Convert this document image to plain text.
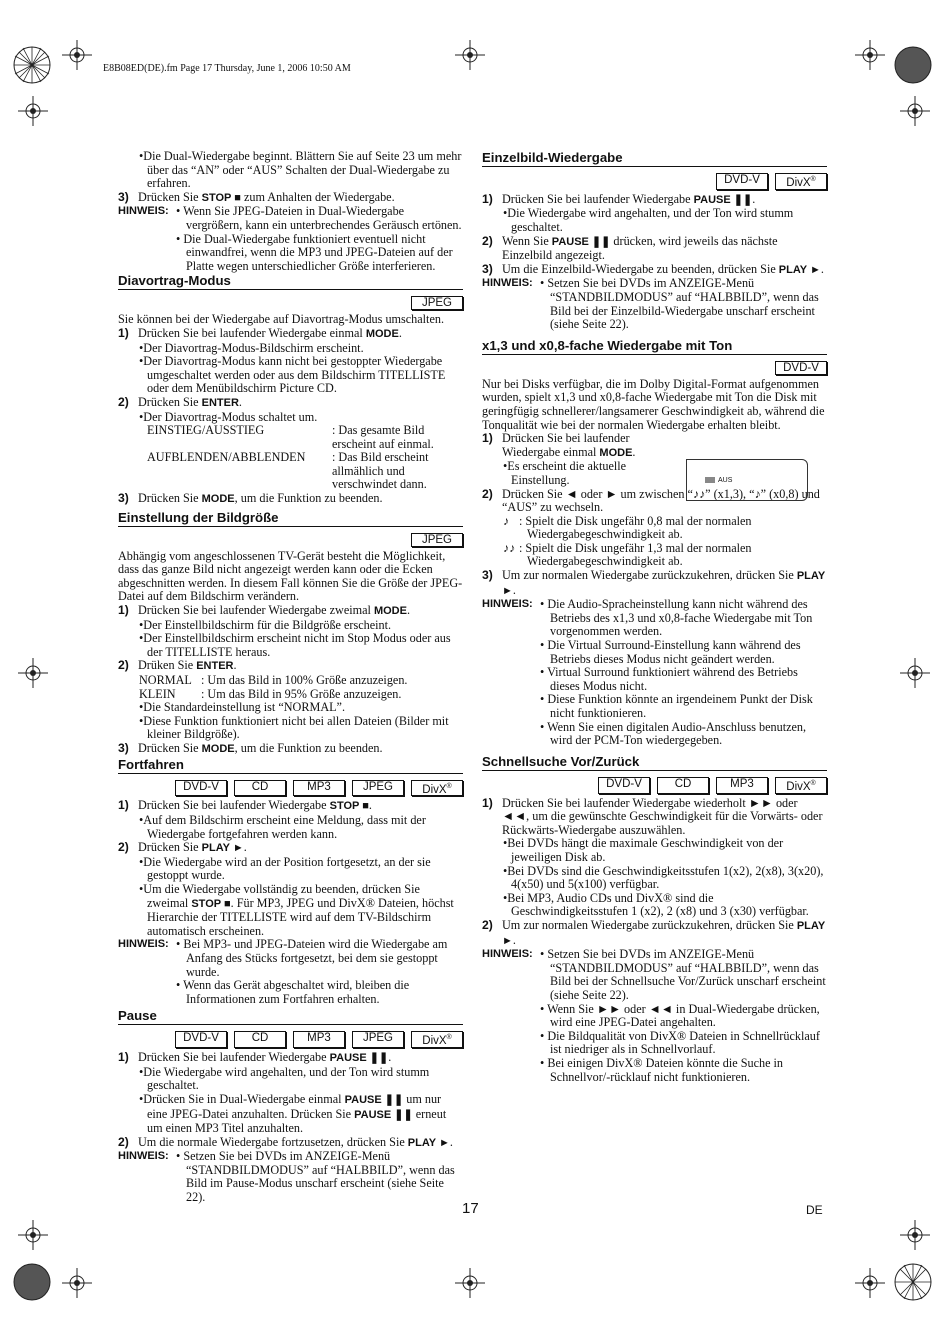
E8B08ED(DE).fm Page 17 Thursday, June 1, 2006 10:50 AM

• Die Dual-Wiedergabe beginnt. Blättern Sie auf Seite 23 um mehr über das “AN” oder “AUS” Schalten der Dual-Wiedergabe zu erfahren.

3) Drücken Sie STOP ■ zum Anhalten der Wiedergabe.
HINWEIS:	• Wenn Sie JPEG-Dateien in Dual-Wiedergabe vergrößern, kann ein unterbrechendes Geräusch ertönen.

• Die Dual-Wiedergabe funktioniert eventuell nicht einwandfrei, wenn die MP3 und JPEG-Dateien auf der Platte wegen unterschiedlicher Größe interferieren.

Diavortrag-Modus
JPEG

Sie können bei der Wiedergabe auf Diavortrag-Modus umschalten.

1) Drücken Sie bei laufender Wiedergabe einmal MODE.

• Der Diavortrag-Modus-Bildschirm erscheint.

• Der Diavortrag-Modus kann nicht bei gestoppter Wiedergabe umgeschaltet werden oder aus dem Bildschirm TITELLISTE oder dem Menübildschirm Picture CD.

2) Drücken Sie ENTER.

• Der Diavortrag-Modus schaltet um.

EINSTIEG/AUSSTIEG	: Das gesamte Bild erscheint auf einmal.
AUFBLENDEN/ABBLENDEN	: Das Bild erscheint allmählich und verschwindet dann.
3) Drücken Sie MODE, um die Funktion zu beenden.
Einstellung der Bildgröße
JPEG

Abhängig vom angeschlossenen TV-Gerät besteht die Möglichkeit, dass das ganze Bild nicht angezeigt werden kann oder die Ecken abgeschnitten werden. In diesem Fall können Sie die Größe der JPEG-Datei auf dem Bildschirm verändern.

1) Drücken Sie bei laufender Wiedergabe zweimal MODE.

• Der Einstellbildschirm für die Bildgröße erscheint.

• Der Einstellbildschirm erscheint nicht im Stop Modus oder aus der TITELLISTE heraus.

2) Drüken Sie ENTER.
NORMAL : Um das Bild in 100% Größe anzuzeigen.
KLEIN	: Um das Bild in 95% Größe anzuzeigen.

• Die Standardeinstellung ist “NORMAL”.

• Diese Funktion funktioniert nicht bei allen Dateien (Bilder mit kleiner Bildgröße).

3) Drücken Sie MODE, um die Funktion zu beenden.
Fortfahren
DVD-V	CD	MP3	JPEG	DivX®
1) Drücken Sie bei laufender Wiedergabe STOP ■.

• Auf dem Bildschirm erscheint eine Meldung, dass mit der Wiedergabe fortgefahren werden kann.

2) Drücken Sie PLAY ►.

• Die Wiedergabe wird an der Position fortgesetzt, an der sie gestoppt wurde.

• Um die Wiedergabe vollständig zu beenden, drücken Sie zweimal STOP ■. Für MP3, JPEG und DivX® Dateien, höchst Hierarchie der TITELLISTE wird auf dem TV-Bildschirm automatisch erscheinen.

HINWEIS:	• Bei MP3- und JPEG-Dateien wird die Wiedergabe am Anfang des Stücks fortgesetzt, bei dem sie gestoppt wurde.

• Wenn das Gerät abgeschaltet wird, bleiben die Informationen zum Fortfahren erhalten.

Pause
DVD-V	CD	MP3	JPEG	DivX®
1) Drücken Sie bei laufender Wiedergabe PAUSE ❚❚.

• Die Wiedergabe wird angehalten, und der Ton wird stumm geschaltet.

• Drücken Sie in Dual-Wiedergabe einmal PAUSE ❚❚ um nur eine JPEG-Datei anzuhalten. Drücken Sie PAUSE ❚❚ erneut um einen MP3 Titel anzuhalten.

2) Um die normale Wiedergabe fortzusetzen, drücken Sie PLAY ►.
HINWEIS:	• Setzen Sie bei DVDs im ANZEIGE-Menü “STANDBILDMODUS” auf “HALBBILD”, wenn das Bild im Pause-Modus unscharf erscheint (siehe Seite 22).

Einzelbild-Wiedergabe
DVD-V	DivX®
1) Drücken Sie bei laufender Wiedergabe PAUSE ❚❚.

• Die Wiedergabe wird angehalten, und der Ton wird stumm geschaltet.

2) Wenn Sie PAUSE ❚❚ drücken, wird jeweils das nächste Einzelbild angezeigt.
3) Um die Einzelbild-Wiedergabe zu beenden, drücken Sie PLAY ►.
HINWEIS:	• Setzen Sie bei DVDs im ANZEIGE-Menü “STANDBILDMODUS” auf “HALBBILD”, wenn das Bild bei der Einzelbild-Wiedergabe unscharf erscheint (siehe Seite 22).

x1,3 und x0,8-fache Wiedergabe mit Ton
DVD-V

Nur bei Disks verfügbar, die im Dolby Digital-Format aufgenommen wurden, spielt x1,3 und x0,8-fache Wiedergabe mit Ton die Disk mit geringfügig schnellerer/langsamerer Geschwindigkeit ab, während die Tonqualität wie bei der normalen Wiedergabe erhalten bleibt.

1) Drücken Sie bei laufender Wiedergabe einmal MODE.

• Es erscheint die aktuelle Einstellung.

2) Drücken Sie ◄ oder ► um zwischen “♪♪” (x1,3), “♪” (x0,8) und “AUS” zu wechseln.
♪ : Spielt die Disk ungefähr 0,8 mal der normalen Wiedergabegeschwindigkeit ab.
♪♪ : Spielt die Disk ungefähr 1,3 mal der normalen Wiedergabegeschwindigkeit ab.
3) Um zur normalen Wiedergabe zurückzukehren, drücken Sie PLAY ►.
HINWEIS:	• Die Audio-Spracheinstellung kann nicht während des Betriebs des x1,3 und x0,8-fache Wiedergabe mit Ton vorgenommen werden.

• Die Virtual Surround-Einstellung kann während des Betriebs dieses Modus nicht geändert werden.

• Virtual Surround funktioniert während des Betriebs dieses Modus nicht.

• Diese Funktion könnte an irgendeinem Punkt der Disk nicht funktionieren.

• Wenn Sie einen digitalen Audio-Anschluss benutzen, wird der PCM-Ton wiedergegeben.

Schnellsuche Vor/Zurück
DVD-V	CD	MP3	DivX®
1) Drücken Sie bei laufender Wiedergabe wiederholt ►► oder ◄◄, um die gewünschte Geschwindigkeit für die Vorwärts- oder Rückwärts-Wiedergabe auszuwählen.

• Bei DVDs hängt die maximale Geschwindigkeit von der jeweiligen Disk ab.

• Bei DVDs sind die Geschwindigkeitsstufen 1(x2), 2(x8), 3(x20), 4(x50) und 5(x100) verfügbar.

• Bei MP3, Audio CDs und DivX® sind die Geschwindigkeitsstufen 1 (x2), 2 (x8) und 3 (x30) verfügbar.

2) Um zur normalen Wiedergabe zurückzukehren, drücken Sie PLAY ►.
HINWEIS:	• Setzen Sie bei DVDs im ANZEIGE-Menü “STANDBILDMODUS” auf “HALBBILD”, wenn das Bild bei der Schnellsuche Vor/Zurück unscharf erscheint (siehe Seite 22).

• Wenn Sie ►► oder ◄◄ in Dual-Wiedergabe drücken, wird eine JPEG-Datei angehalten.

• Die Bildqualität von DivX® Dateien in Schnellrücklauf ist niedriger als in Schnellvorlauf.

• Bei einigen DivX® Dateien könnte die Suche in Schnellvor/-rücklauf nicht funktionieren.

AUS
17	DE
